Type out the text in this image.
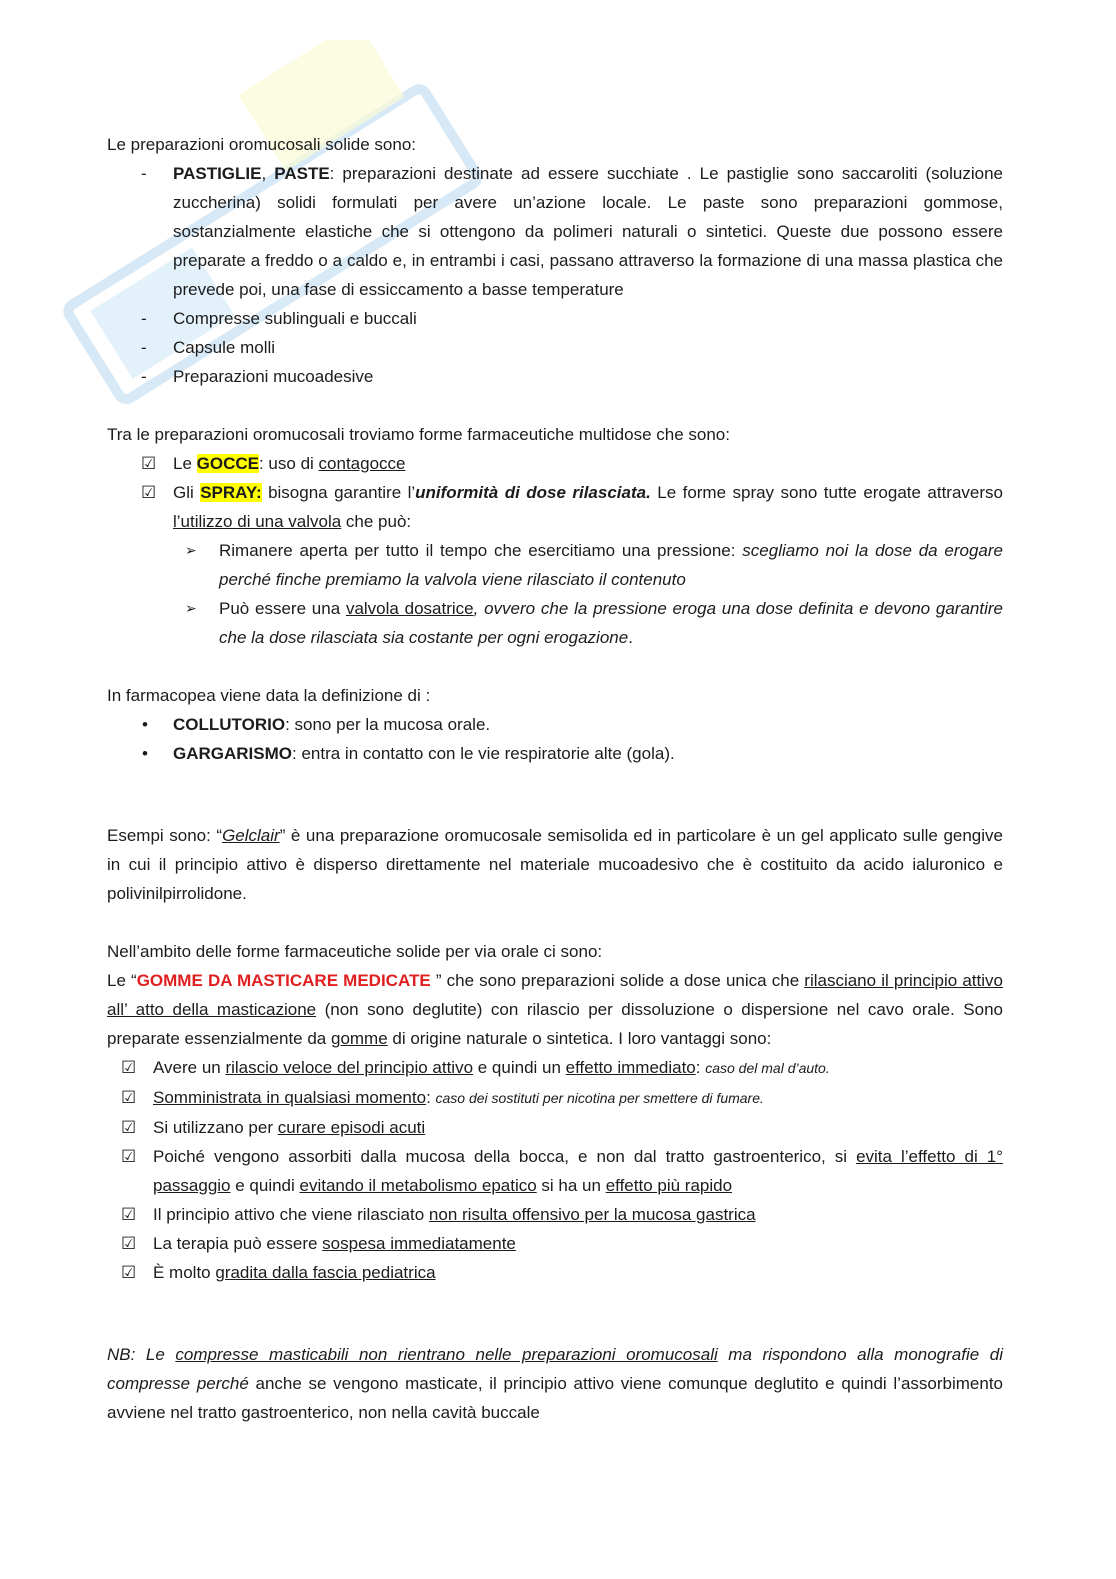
Le preparazioni oromucosali solide sono:

-	PASTIGLIE, PASTE: preparazioni destinate ad essere succhiate . Le pastiglie sono saccaroliti (soluzione zuccherina) solidi formulati per avere un’azione locale. Le paste sono preparazioni gommose, sostanzialmente elastiche che si ottengono da polimeri naturali o sintetici. Queste due possono essere preparate a freddo o a caldo e, in entrambi i casi, passano attraverso la formazione di una massa plastica che prevede poi, una fase di essiccamento a basse temperature

-	Compresse sublinguali e buccali

-	Capsule molli

-	Preparazioni mucoadesive

Tra le preparazioni oromucosali troviamo forme farmaceutiche multidose che sono:

☑ Le GOCCE: uso di contagocce

☑ Gli SPRAY: bisogna garantire l’uniformità di dose rilasciata. Le forme spray sono tutte erogate attraverso l’utilizzo di una valvola che può:

➢	Rimanere aperta per tutto il tempo che esercitiamo una pressione: scegliamo noi la dose da erogare perché finche premiamo la valvola viene rilasciato il contenuto

➢	Può essere una valvola dosatrice, ovvero che la pressione eroga una dose definita e devono garantire che la dose rilasciata sia costante per ogni erogazione.

In farmacopea viene data la definizione di :

•	COLLUTORIO: sono per la mucosa orale.

•	GARGARISMO: entra in contatto con le vie respiratorie alte (gola).

Esempi sono: “Gelclair” è una preparazione oromucosale semisolida ed in particolare è un gel applicato sulle gengive in cui il principio attivo è disperso direttamente nel materiale mucoadesivo che è costituito da acido ialuronico e polivinilpirrolidone.

Nell’ambito delle forme farmaceutiche solide per via orale ci sono:

Le “GOMME DA MASTICARE MEDICATE ” che sono preparazioni solide a dose unica che rilasciano il principio attivo all’ atto della masticazione (non sono deglutite) con rilascio per dissoluzione o dispersione nel cavo orale. Sono preparate essenzialmente da gomme di origine naturale o sintetica. I loro vantaggi sono:

☑ Avere un rilascio veloce del principio attivo e quindi un effetto immediato: caso del mal d’auto.

☑ Somministrata in qualsiasi momento: caso dei sostituti per nicotina per smettere di fumare.

☑ Si utilizzano per curare episodi acuti

☑ Poiché vengono assorbiti dalla mucosa della bocca, e non dal tratto gastroenterico, si evita l’effetto di 1° passaggio e quindi evitando il metabolismo epatico si ha un effetto più rapido

☑ Il principio attivo che viene rilasciato non risulta offensivo per la mucosa gastrica

☑ La terapia può essere sospesa immediatamente

☑ È molto gradita dalla fascia pediatrica

NB: Le compresse masticabili non rientrano nelle preparazioni oromucosali ma rispondono alla monografie di compresse perché anche se vengono masticate, il principio attivo viene comunque deglutito e quindi l’assorbimento avviene nel tratto gastroenterico, non nella cavità buccale
